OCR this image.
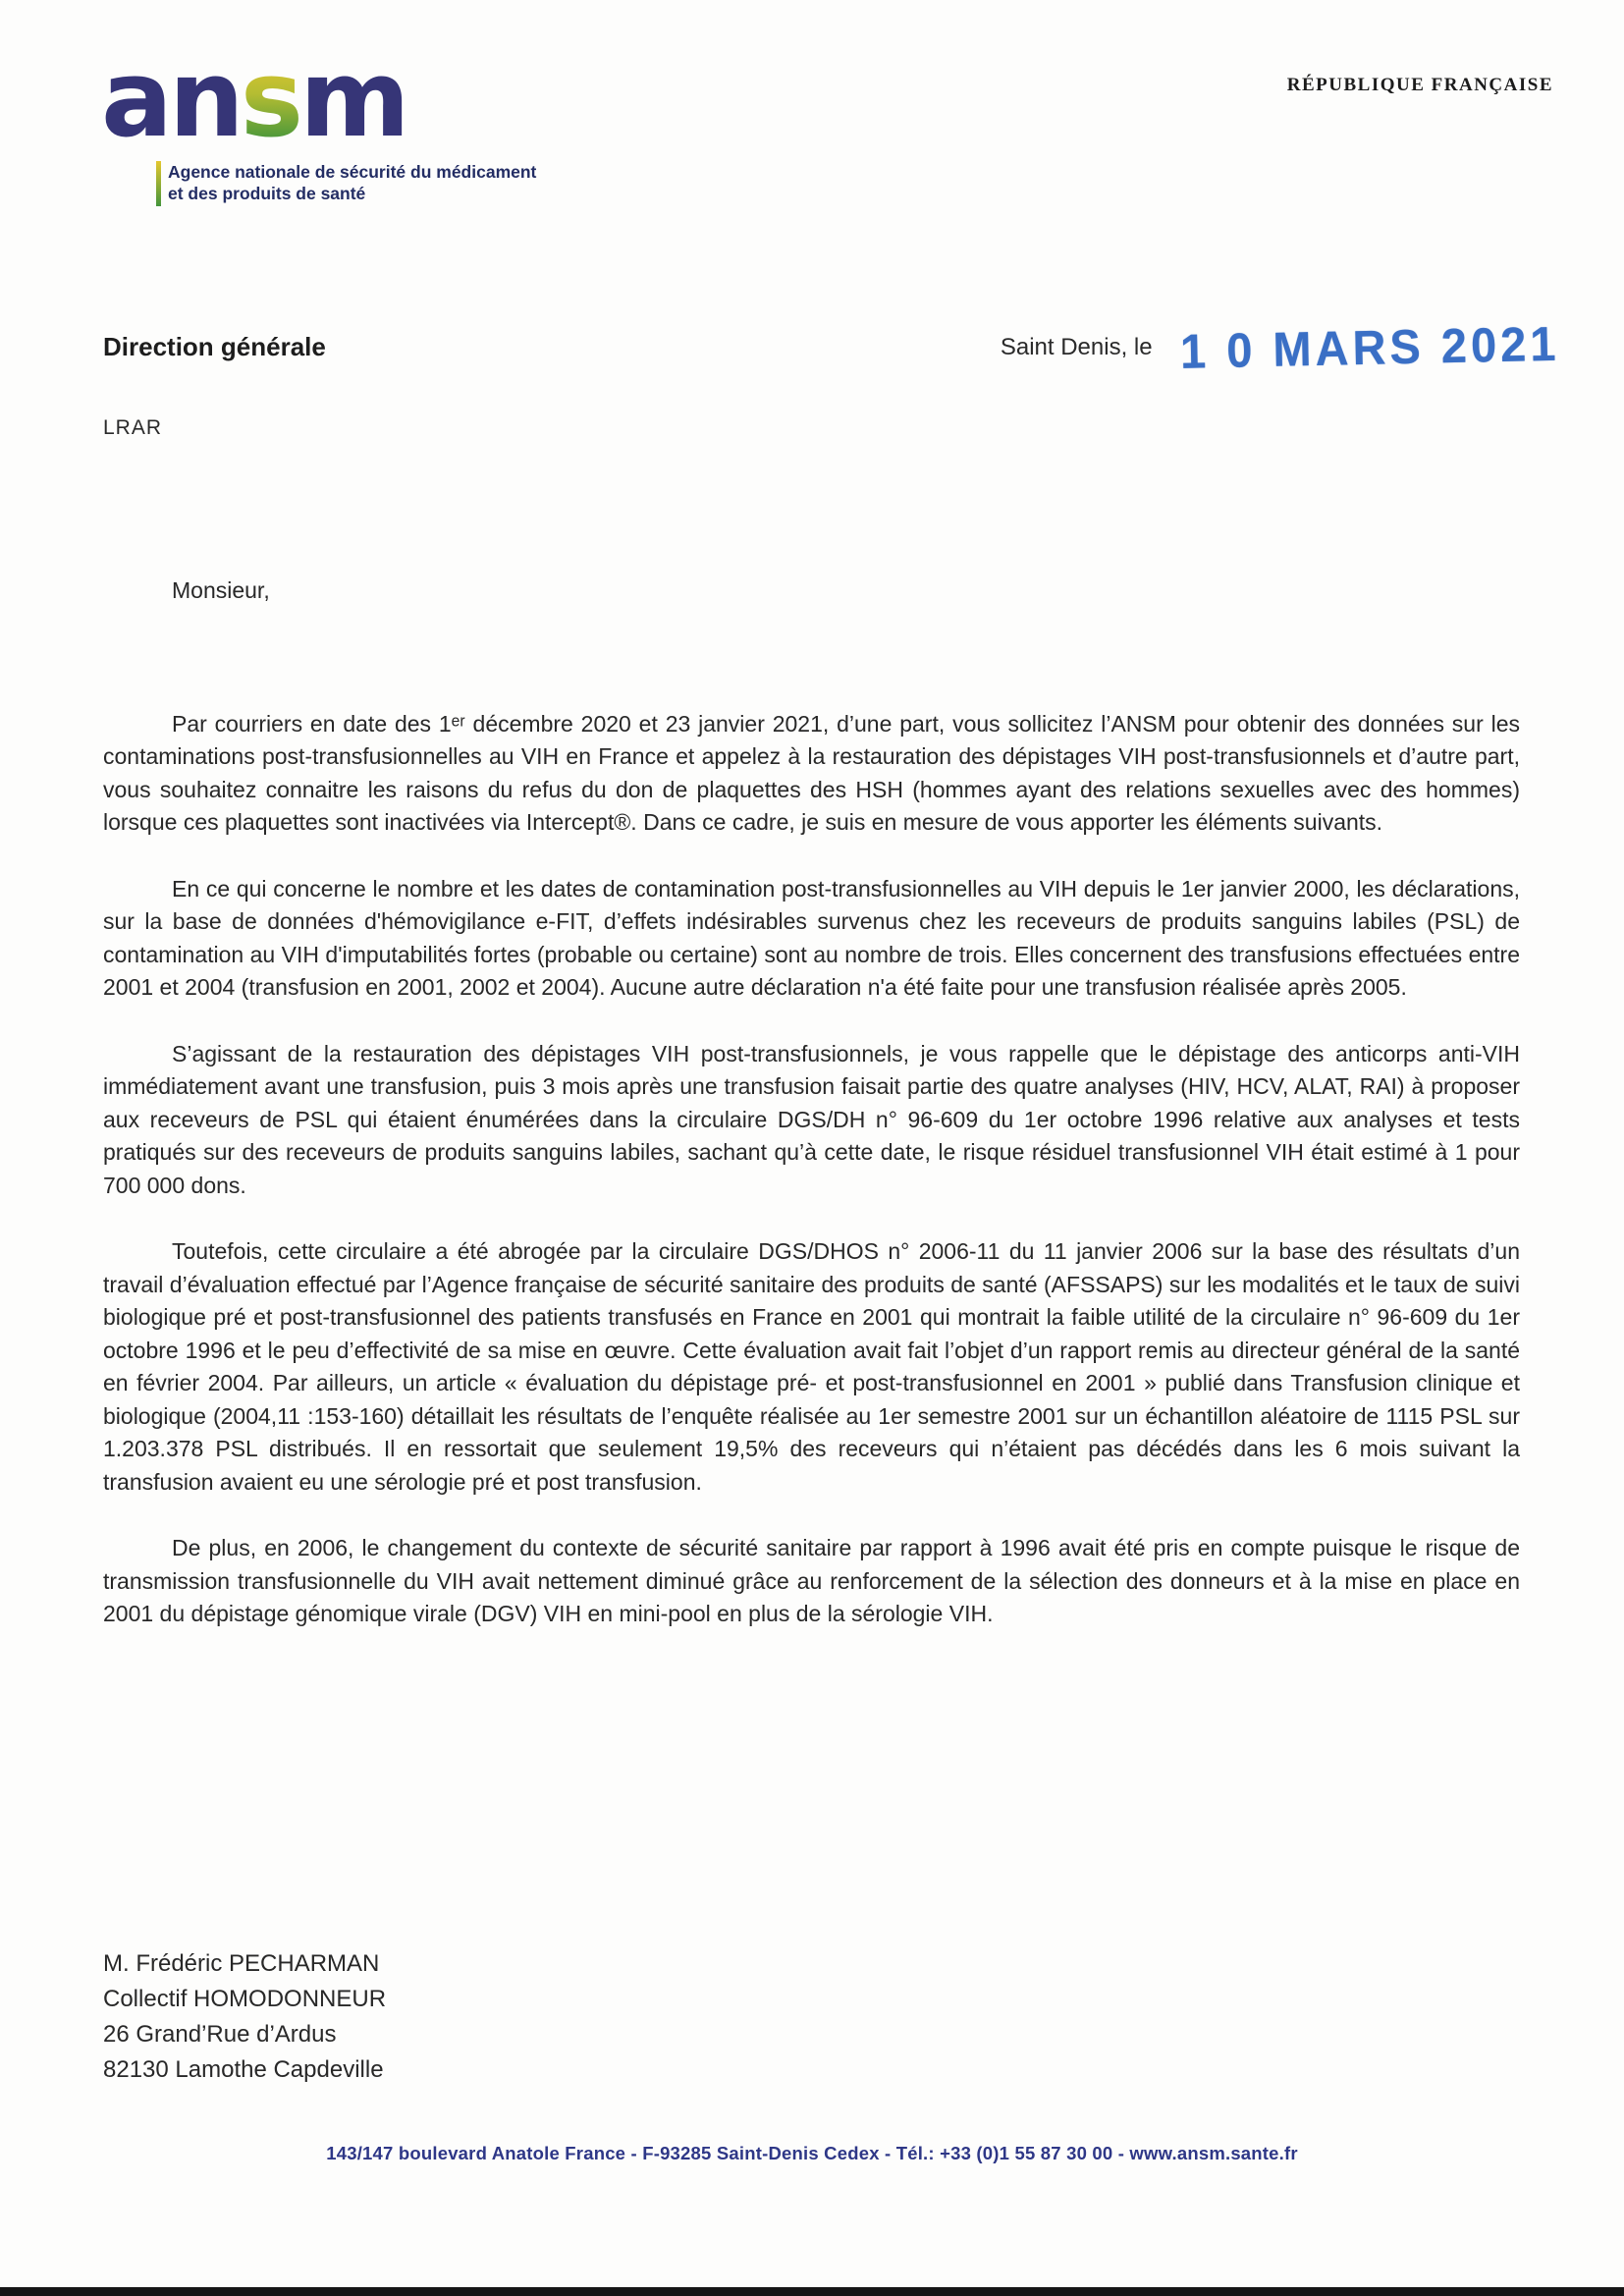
ansm
Agence nationale de sécurité du médicament
et des produits de santé
RÉPUBLIQUE FRANÇAISE
Direction générale	Saint Denis, le 1 0 MARS 2021
LRAR
Monsieur,

Par courriers en date des 1ᵉʳ décembre 2020 et 23 janvier 2021, d’une part, vous sollicitez l’ANSM pour obtenir des données sur les contaminations post-transfusionnelles au VIH en France et appelez à la restauration des dépistages VIH post-transfusionnels et d’autre part, vous souhaitez connaitre les raisons du refus du don de plaquettes des HSH (hommes ayant des relations sexuelles avec des hommes) lorsque ces plaquettes sont inactivées via Intercept®. Dans ce cadre, je suis en mesure de vous apporter les éléments suivants.

En ce qui concerne le nombre et les dates de contamination post-transfusionnelles au VIH depuis le 1er janvier 2000, les déclarations, sur la base de données d'hémovigilance e-FIT, d’effets indésirables survenus chez les receveurs de produits sanguins labiles (PSL) de contamination au VIH d'imputabilités fortes (probable ou certaine) sont au nombre de trois. Elles concernent des transfusions effectuées entre 2001 et 2004 (transfusion en 2001, 2002 et 2004). Aucune autre déclaration n'a été faite pour une transfusion réalisée après 2005.

S’agissant de la restauration des dépistages VIH post-transfusionnels, je vous rappelle que le dépistage des anticorps anti-VIH immédiatement avant une transfusion, puis 3 mois après une transfusion faisait partie des quatre analyses (HIV, HCV, ALAT, RAI) à proposer aux receveurs de PSL qui étaient énumérées dans la circulaire DGS/DH n° 96-609 du 1er octobre 1996 relative aux analyses et tests pratiqués sur des receveurs de produits sanguins labiles, sachant qu’à cette date, le risque résiduel transfusionnel VIH était estimé à 1 pour 700 000 dons.

Toutefois, cette circulaire a été abrogée par la circulaire DGS/DHOS n° 2006-11 du 11 janvier 2006 sur la base des résultats d’un travail d’évaluation effectué par l’Agence française de sécurité sanitaire des produits de santé (AFSSAPS) sur les modalités et le taux de suivi biologique pré et post-transfusionnel des patients transfusés en France en 2001 qui montrait la faible utilité de la circulaire n° 96-609 du 1er octobre 1996 et le peu d’effectivité de sa mise en œuvre. Cette évaluation avait fait l’objet d’un rapport remis au directeur général de la santé en février 2004. Par ailleurs, un article « évaluation du dépistage pré- et post-transfusionnel en 2001 » publié dans Transfusion clinique et biologique (2004,11 :153-160) détaillait les résultats de l’enquête réalisée au 1er semestre 2001 sur un échantillon aléatoire de 1115 PSL sur 1.203.378 PSL distribués. Il en ressortait que seulement 19,5% des receveurs qui n’étaient pas décédés dans les 6 mois suivant la transfusion avaient eu une sérologie pré et post transfusion.

De plus, en 2006, le changement du contexte de sécurité sanitaire par rapport à 1996 avait été pris en compte puisque le risque de transmission transfusionnelle du VIH avait nettement diminué grâce au renforcement de la sélection des donneurs et à la mise en place en 2001 du dépistage génomique virale (DGV) VIH en mini-pool en plus de la sérologie VIH.

M. Frédéric PECHARMAN
Collectif HOMODONNEUR
26 Grand’Rue d’Ardus
82130 Lamothe Capdeville
143/147 boulevard Anatole France - F-93285 Saint-Denis Cedex - Tél.: +33 (0)1 55 87 30 00 - www.ansm.sante.fr
